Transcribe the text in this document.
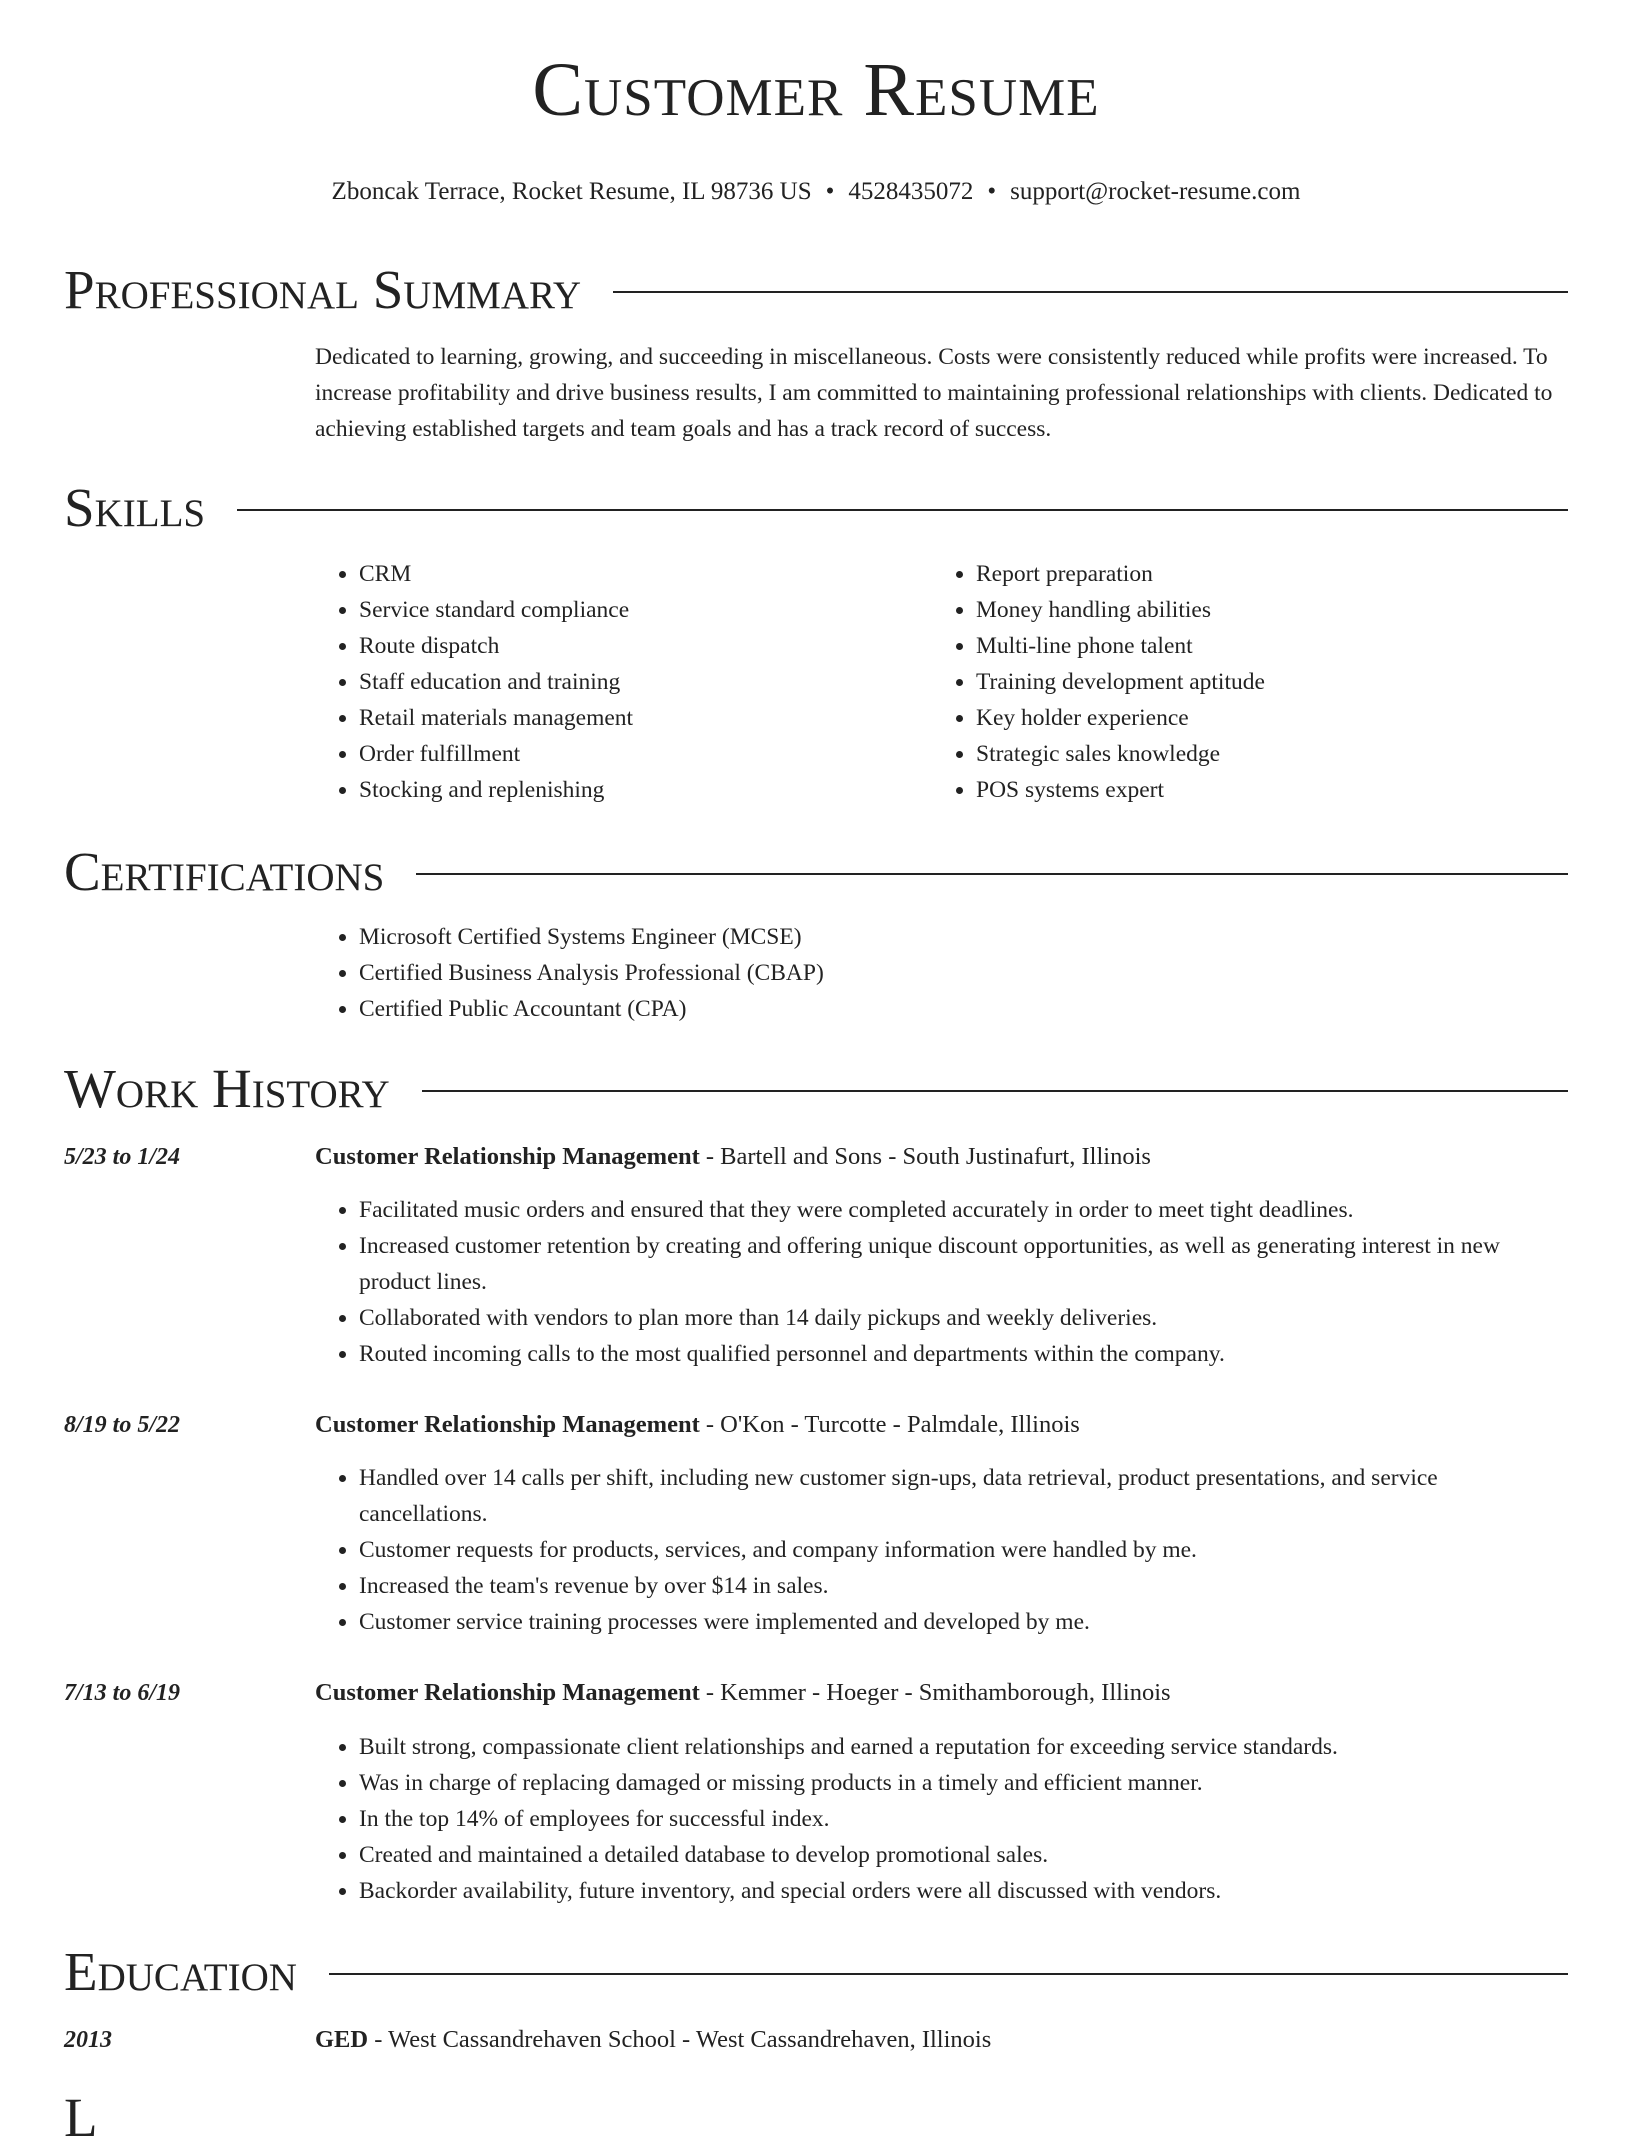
Customer Resume
Zboncak Terrace, Rocket Resume, IL 98736 US • 4528435072 • support@rocket-resume.com
Professional Summary
Dedicated to learning, growing, and succeeding in miscellaneous. Costs were consistently reduced while profits were increased. To increase profitability and drive business results, I am committed to maintaining professional relationships with clients. Dedicated to achieving established targets and team goals and has a track record of success.
Skills
• CRM
• Service standard compliance
• Route dispatch
• Staff education and training
• Retail materials management
• Order fulfillment
• Stocking and replenishing
• Report preparation
• Money handling abilities
• Multi-line phone talent
• Training development aptitude
• Key holder experience
• Strategic sales knowledge
• POS systems expert
Certifications
• Microsoft Certified Systems Engineer (MCSE)
• Certified Business Analysis Professional (CBAP)
• Certified Public Accountant (CPA)
Work History
5/23 to 1/24	Customer Relationship Management - Bartell and Sons - South Justinafurt, Illinois
• Facilitated music orders and ensured that they were completed accurately in order to meet tight deadlines.
• Increased customer retention by creating and offering unique discount opportunities, as well as generating interest in new product lines.
• Collaborated with vendors to plan more than 14 daily pickups and weekly deliveries.
• Routed incoming calls to the most qualified personnel and departments within the company.
8/19 to 5/22	Customer Relationship Management - O'Kon - Turcotte - Palmdale, Illinois
• Handled over 14 calls per shift, including new customer sign-ups, data retrieval, product presentations, and service cancellations.
• Customer requests for products, services, and company information were handled by me.
• Increased the team's revenue by over $14 in sales.
• Customer service training processes were implemented and developed by me.
7/13 to 6/19	Customer Relationship Management - Kemmer - Hoeger - Smithamborough, Illinois
• Built strong, compassionate client relationships and earned a reputation for exceeding service standards.
• Was in charge of replacing damaged or missing products in a timely and efficient manner.
• In the top 14% of employees for successful index.
• Created and maintained a detailed database to develop promotional sales.
• Backorder availability, future inventory, and special orders were all discussed with vendors.
Education
2013	GED - West Cassandrehaven School - West Cassandrehaven, Illinois
L
